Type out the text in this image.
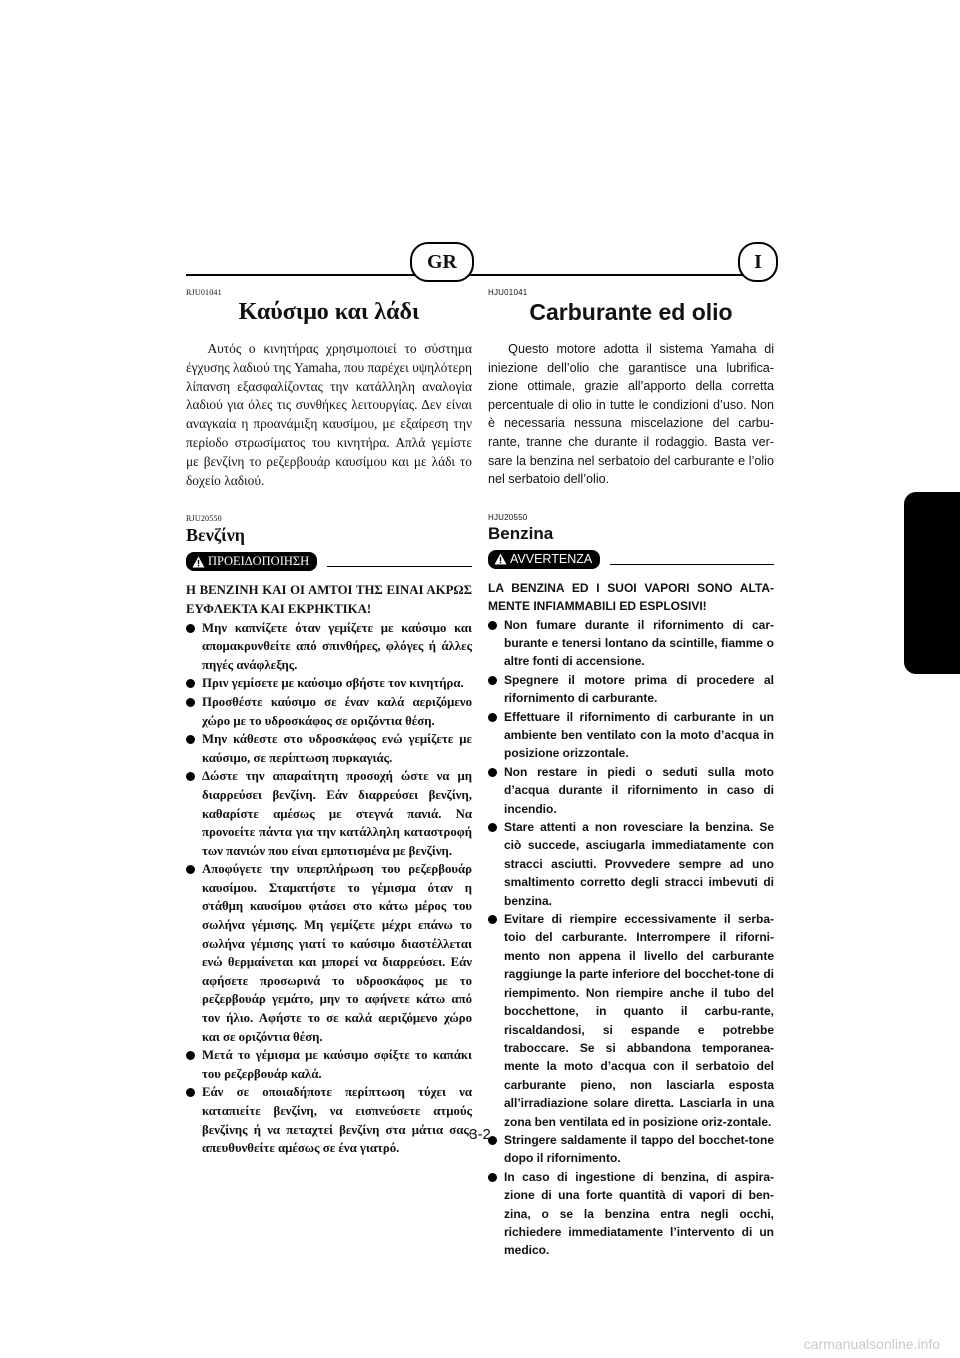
GR	I
RJU01041
Καύσιμο και λάδι

Αυτός ο κινητήρας χρησιμοποιεί το σύστημα έγχυσης λαδιού της Yamaha, που παρέχει υψηλότερη λίπανση εξασφαλίζοντας την κατάλληλη αναλογία λαδιού για όλες τις συνθήκες λειτουργίας. Δεν είναι αναγκαία η προανάμιξη καυσίμου, με εξαίρεση την περίοδο στρωσίματος του κινητήρα. Απλά γεμίστε με βενζίνη το ρεζερβουάρ καυσίμου και με λάδι το δοχείο λαδιού.

RJU20550
Βενζίνη
ΠΡΟΕΙΔΟΠΟΙΗΣΗ
Η ΒΕΝΖΙΝΗ ΚΑΙ ΟΙ ΑΜΤΟΙ ΤΗΣ ΕΙΝΑΙ ΑΚΡΩΣ ΕΥΦΛΕΚΤΑ ΚΑΙ ΕΚΡΗΚΤΙΚΑ!
Μην καπνίζετε όταν γεμίζετε με καύσιμο και απομακρυνθείτε από σπινθήρες, φλόγες ή άλλες πηγές ανάφλεξης.
Πριν γεμίσετε με καύσιμο σβήστε τον κινητήρα.
Προσθέστε καύσιμο σε έναν καλά αεριζόμενο χώρο με το υδροσκάφος σε οριζόντια θέση.
Μην κάθεστε στο υδροσκάφος ενώ γεμίζετε με καύσιμο, σε περίπτωση πυρκαγιάς.
Δώστε την απαραίτητη προσοχή ώστε να μη διαρρεύσει βενζίνη. Εάν διαρρεύσει βενζίνη, καθαρίστε αμέσως με στεγνά πανιά. Να προνοείτε πάντα για την κατάλληλη καταστροφή των πανιών που είναι εμποτισμένα με βενζίνη.
Αποφύγετε την υπερπλήρωση του ρεζερβουάρ καυσίμου. Σταματήστε το γέμισμα όταν η στάθμη καυσίμου φτάσει στο κάτω μέρος του σωλήνα γέμισης. Μη γεμίζετε μέχρι επάνω το σωλήνα γέμισης γιατί το καύσιμο διαστέλλεται ενώ θερμαίνεται και μπορεί να διαρρεύσει. Εάν αφήσετε προσωρινά το υδροσκάφος με το ρεζερβουάρ γεμάτο, μην το αφήνετε κάτω από τον ήλιο. Αφήστε το σε καλά αεριζόμενο χώρο και σε οριζόντια θέση.
Μετά το γέμισμα με καύσιμο σφίξτε το καπάκι του ρεζερβουάρ καλά.
Εάν σε οποιαδήποτε περίπτωση τύχει να καταπιείτε βενζίνη, να εισπνεύσετε ατμούς βενζίνης ή να πεταχτεί βενζίνη στα μάτια σας, απευθυνθείτε αμέσως σε ένα γιατρό.
HJU01041
Carburante ed olio

Questo motore adotta il sistema Yamaha di iniezione dell’olio che garantisce una lubrifica-zione ottimale, grazie all’apporto della corretta percentuale di olio in tutte le condizioni d’uso. Non è necessaria nessuna miscelazione del carbu-rante, tranne che durante il rodaggio. Basta ver-sare la benzina nel serbatoio del carburante e l’olio nel serbatoio dell’olio.

HJU20550
Benzina
AVVERTENZA
LA BENZINA ED I SUOI VAPORI SONO ALTA-MENTE INFIAMMABILI ED ESPLOSIVI!
Non fumare durante il rifornimento di car-burante e tenersi lontano da scintille, fiamme o altre fonti di accensione.
Spegnere il motore prima di procedere al rifornimento di carburante.
Effettuare il rifornimento di carburante in un ambiente ben ventilato con la moto d’acqua in posizione orizzontale.
Non restare in piedi o seduti sulla moto d’acqua durante il rifornimento in caso di incendio.
Stare attenti a non rovesciare la benzina. Se ciò succede, asciugarla immediatamente con stracci asciutti. Provvedere sempre ad uno smaltimento corretto degli stracci imbevuti di benzina.
Evitare di riempire eccessivamente il serba-toio del carburante. Interrompere il riforni-mento non appena il livello del carburante raggiunge la parte inferiore del bocchet-tone di riempimento. Non riempire anche il tubo del bocchettone, in quanto il carbu-rante, riscaldandosi, si espande e potrebbe traboccare. Se si abbandona temporanea-mente la moto d’acqua con il serbatoio del carburante pieno, non lasciarla esposta all’irradiazione solare diretta. Lasciarla in una zona ben ventilata ed in posizione oriz-zontale.
Stringere saldamente il tappo del bocchet-tone dopo il rifornimento.
In caso di ingestione di benzina, di aspira-zione di una forte quantità di vapori di ben-zina, o se la benzina entra negli occhi, richiedere immediatamente l’intervento di un medico.
3-2
carmanualsonline.info
